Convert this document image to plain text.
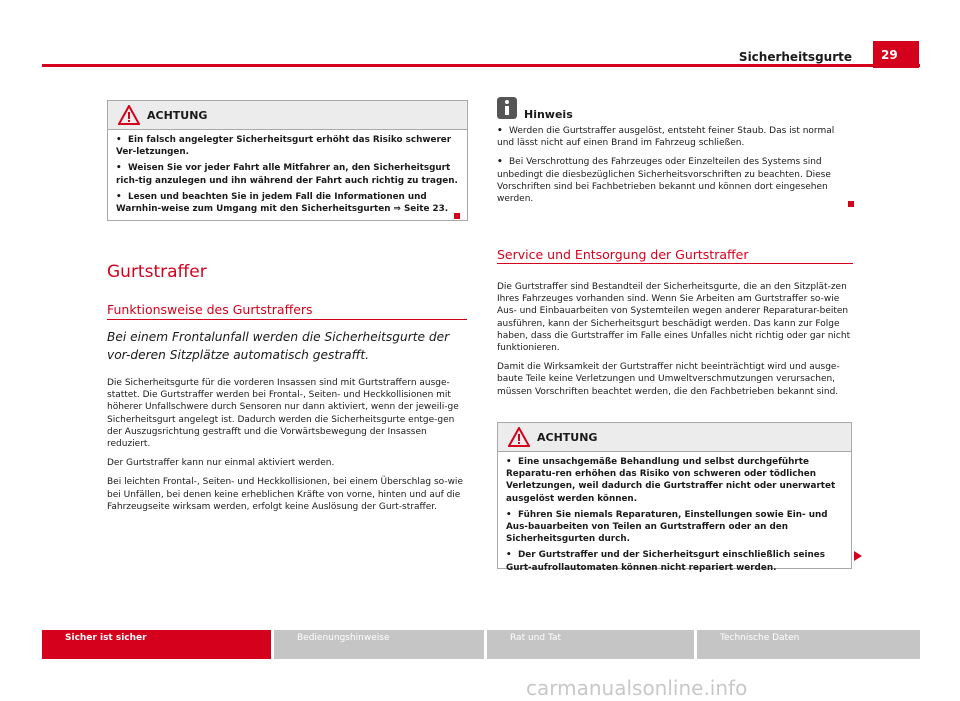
Sicherheitsgurte	29
ACHTUNG
• Ein falsch angelegter Sicherheitsgurt erhöht das Risiko schwerer Ver-letzungen.
• Weisen Sie vor jeder Fahrt alle Mitfahrer an, den Sicherheitsgurt rich-tig anzulegen und ihn während der Fahrt auch richtig zu tragen.
• Lesen und beachten Sie in jedem Fall die Informationen und Warnhin-weise zum Umgang mit den Sicherheitsgurten ⇒ Seite 23.
Gurtstraffer
Funktionsweise des Gurtstraffers
Bei einem Frontalunfall werden die Sicherheitsgurte der vor-deren Sitzplätze automatisch gestrafft.

Die Sicherheitsgurte für die vorderen Insassen sind mit Gurtstraffern ausge-stattet. Die Gurtstraffer werden bei Frontal-, Seiten- und Heckkollisionen mit höherer Unfallschwere durch Sensoren nur dann aktiviert, wenn der jeweili-ge Sicherheitsgurt angelegt ist. Dadurch werden die Sicherheitsgurte entge-gen der Auszugsrichtung gestrafft und die Vorwärtsbewegung der Insassen reduziert.

Der Gurtstraffer kann nur einmal aktiviert werden.

Bei leichten Frontal-, Seiten- und Heckkollisionen, bei einem Überschlag so-wie bei Unfällen, bei denen keine erheblichen Kräfte von vorne, hinten und auf die Fahrzeugseite wirksam werden, erfolgt keine Auslösung der Gurt-straffer.

Hinweis

• Werden die Gurtstraffer ausgelöst, entsteht feiner Staub. Das ist normal und lässt nicht auf einen Brand im Fahrzeug schließen.

• Bei Verschrottung des Fahrzeuges oder Einzelteilen des Systems sind unbedingt die diesbezüglichen Sicherheitsvorschriften zu beachten. Diese Vorschriften sind bei Fachbetrieben bekannt und können dort eingesehen werden.

Service und Entsorgung der Gurtstraffer

Die Gurtstraffer sind Bestandteil der Sicherheitsgurte, die an den Sitzplät-zen Ihres Fahrzeuges vorhanden sind. Wenn Sie Arbeiten am Gurtstraffer so-wie Aus- und Einbauarbeiten von Systemteilen wegen anderer Reparaturar-beiten ausführen, kann der Sicherheitsgurt beschädigt werden. Das kann zur Folge haben, dass die Gurtstraffer im Falle eines Unfalles nicht richtig oder gar nicht funktionieren.

Damit die Wirksamkeit der Gurtstraffer nicht beeinträchtigt wird und ausge-baute Teile keine Verletzungen und Umweltverschmutzungen verursachen, müssen Vorschriften beachtet werden, die den Fachbetrieben bekannt sind.

ACHTUNG
• Eine unsachgemäße Behandlung und selbst durchgeführte Reparatu-ren erhöhen das Risiko von schweren oder tödlichen Verletzungen, weil dadurch die Gurtstraffer nicht oder unerwartet ausgelöst werden können.
• Führen Sie niemals Reparaturen, Einstellungen sowie Ein- und Aus-bauarbeiten von Teilen an Gurtstraffern oder an den Sicherheitsgurten durch.
• Der Gurtstraffer und der Sicherheitsgurt einschließlich seines Gurt-aufrollautomaten können nicht repariert werden.
Sicher ist sicher	Bedienungshinweise	Rat und Tat	Technische Daten
carmanualsonline.info
